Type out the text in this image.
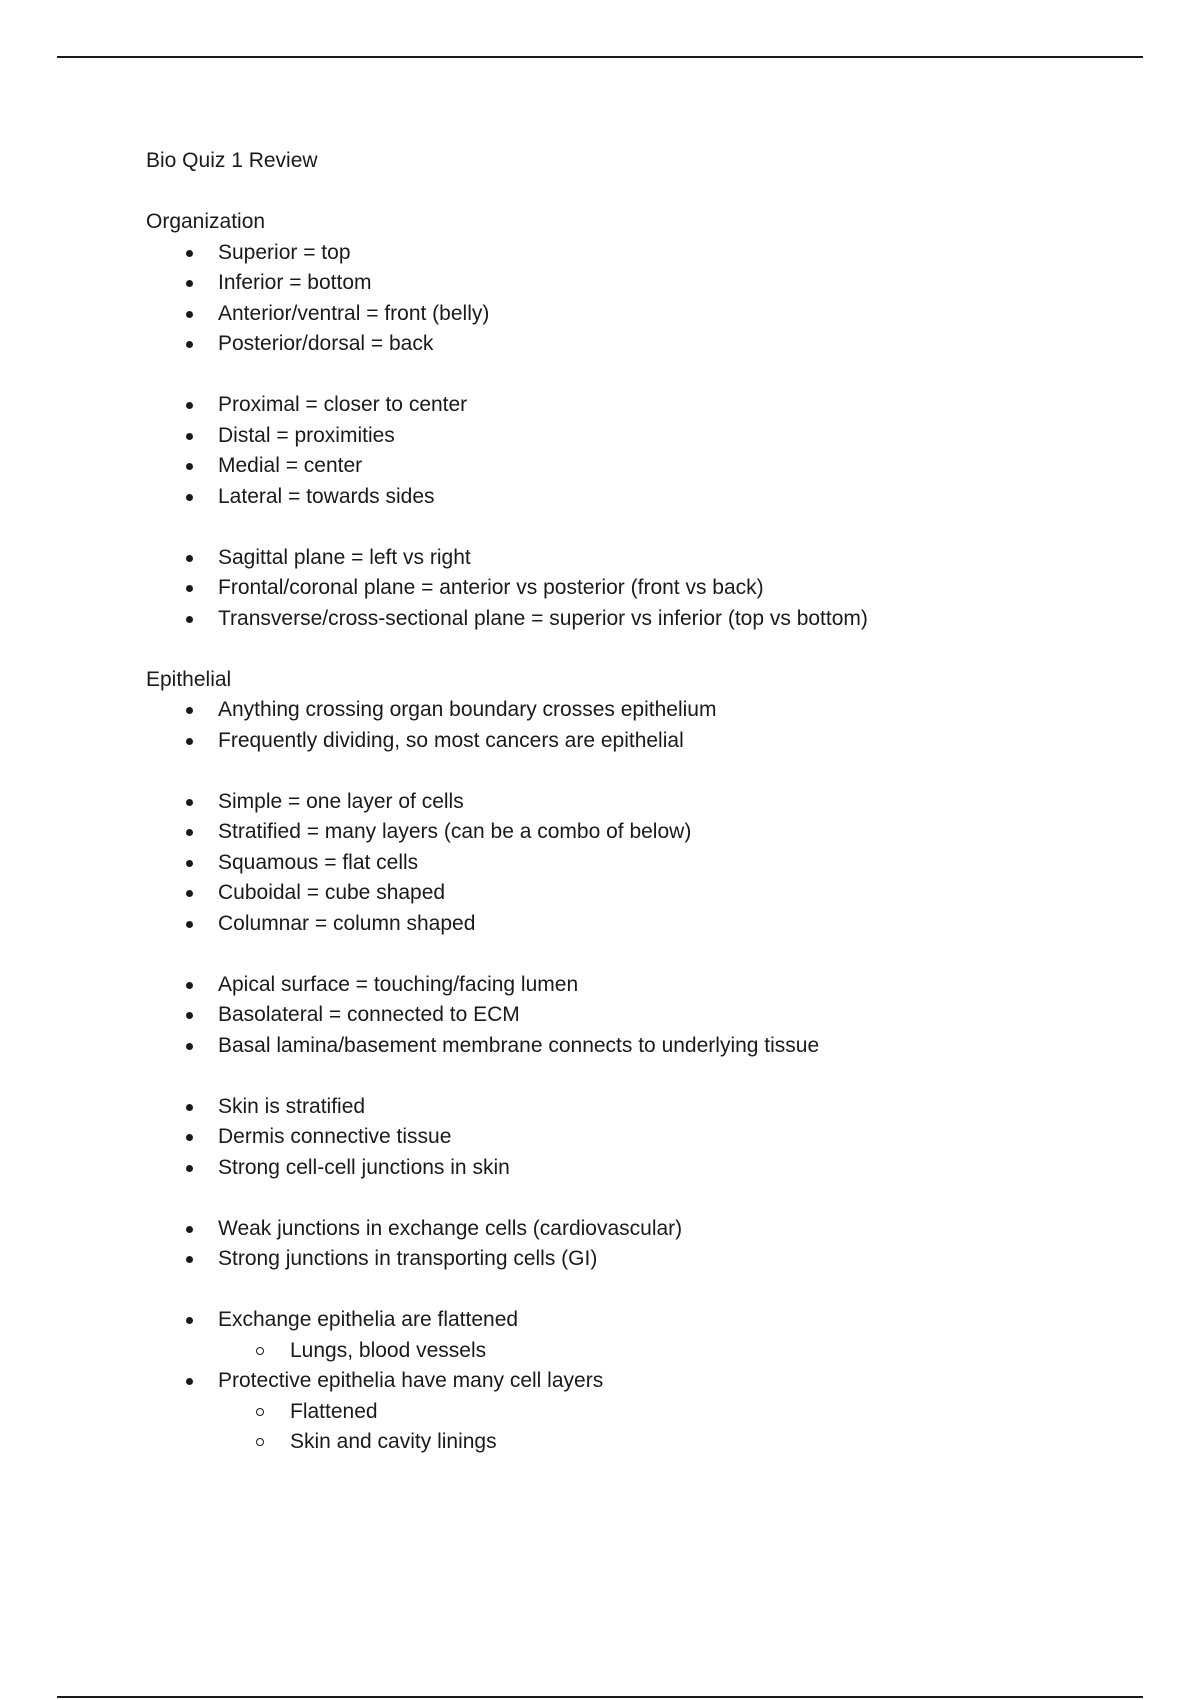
Bio Quiz 1 Review

Organization

Superior = top
Inferior = bottom
Anterior/ventral = front (belly)
Posterior/dorsal = back
Proximal = closer to center
Distal = proximities
Medial = center
Lateral = towards sides
Sagittal plane = left vs right
Frontal/coronal plane = anterior vs posterior (front vs back)
Transverse/cross-sectional plane = superior vs inferior (top vs bottom)

Epithelial

Anything crossing organ boundary crosses epithelium
Frequently dividing, so most cancers are epithelial
Simple = one layer of cells
Stratified = many layers (can be a combo of below)
Squamous = flat cells
Cuboidal = cube shaped
Columnar = column shaped
Apical surface = touching/facing lumen
Basolateral = connected to ECM
Basal lamina/basement membrane connects to underlying tissue
Skin is stratified
Dermis connective tissue
Strong cell-cell junctions in skin
Weak junctions in exchange cells (cardiovascular)
Strong junctions in transporting cells (GI)
Exchange epithelia are flattened
Lungs, blood vessels
Protective epithelia have many cell layers
Flattened
Skin and cavity linings
